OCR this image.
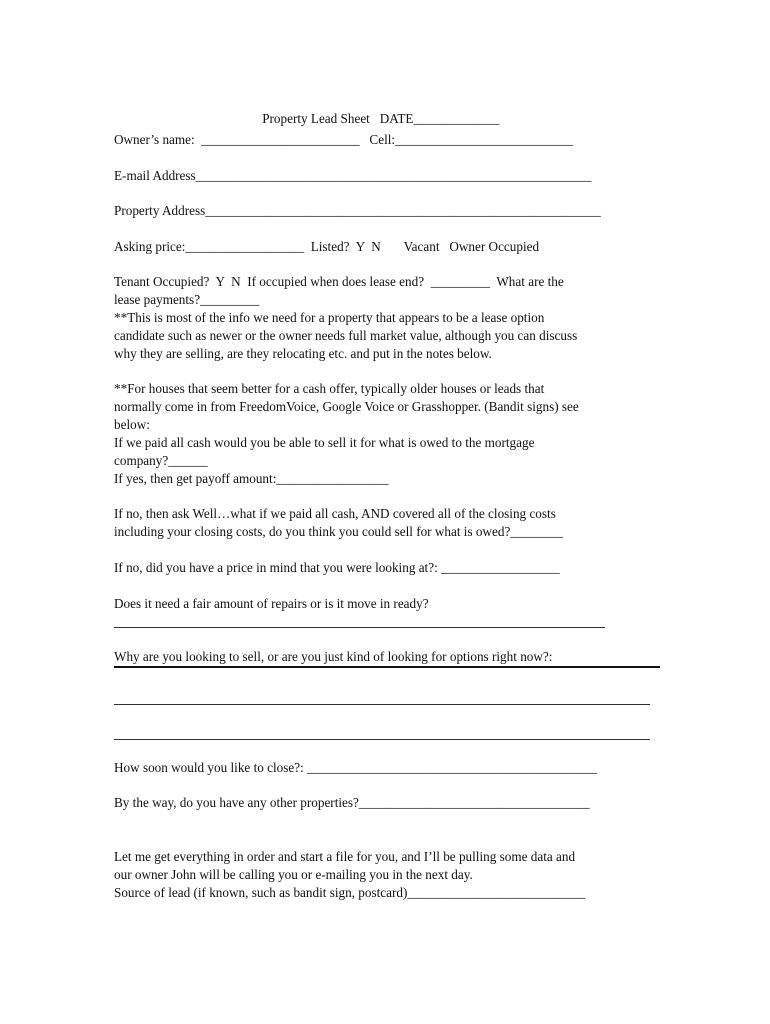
Property Lead Sheet DATE_____________

Owner’s name:  ________________________   Cell:___________________________
E-mail Address____________________________________________________________
Property Address____________________________________________________________
Asking price:__________________  Listed?  Y  N       Vacant   Owner Occupied
Tenant Occupied?  Y  N  If occupied when does lease end?  _________  What are the
lease payments?_________
**This is most of the info we need for a property that appears to be a lease option
candidate such as newer or the owner needs full market value, although you can discuss
why they are selling, are they relocating etc. and put in the notes below.
**For houses that seem better for a cash offer, typically older houses or leads that
normally come in from FreedomVoice, Google Voice or Grasshopper. (Bandit signs) see
below:
If we paid all cash would you be able to sell it for what is owed to the mortgage
company?______
If yes, then get payoff amount:_________________
If no, then ask Well…what if we paid all cash, AND covered all of the closing costs
including your closing costs, do you think you could sell for what is owed?________
If no, did you have a price in mind that you were looking at?: __________________
Does it need a fair amount of repairs or is it move in ready?
Why are you looking to sell, or are you just kind of looking for options right now?:
How soon would you like to close?: ____________________________________________
By the way, do you have any other properties?___________________________________
Let me get everything in order and start a file for you, and I’ll be pulling some data and
our owner John will be calling you or e-mailing you in the next day.
Source of lead (if known, such as bandit sign, postcard)___________________________
